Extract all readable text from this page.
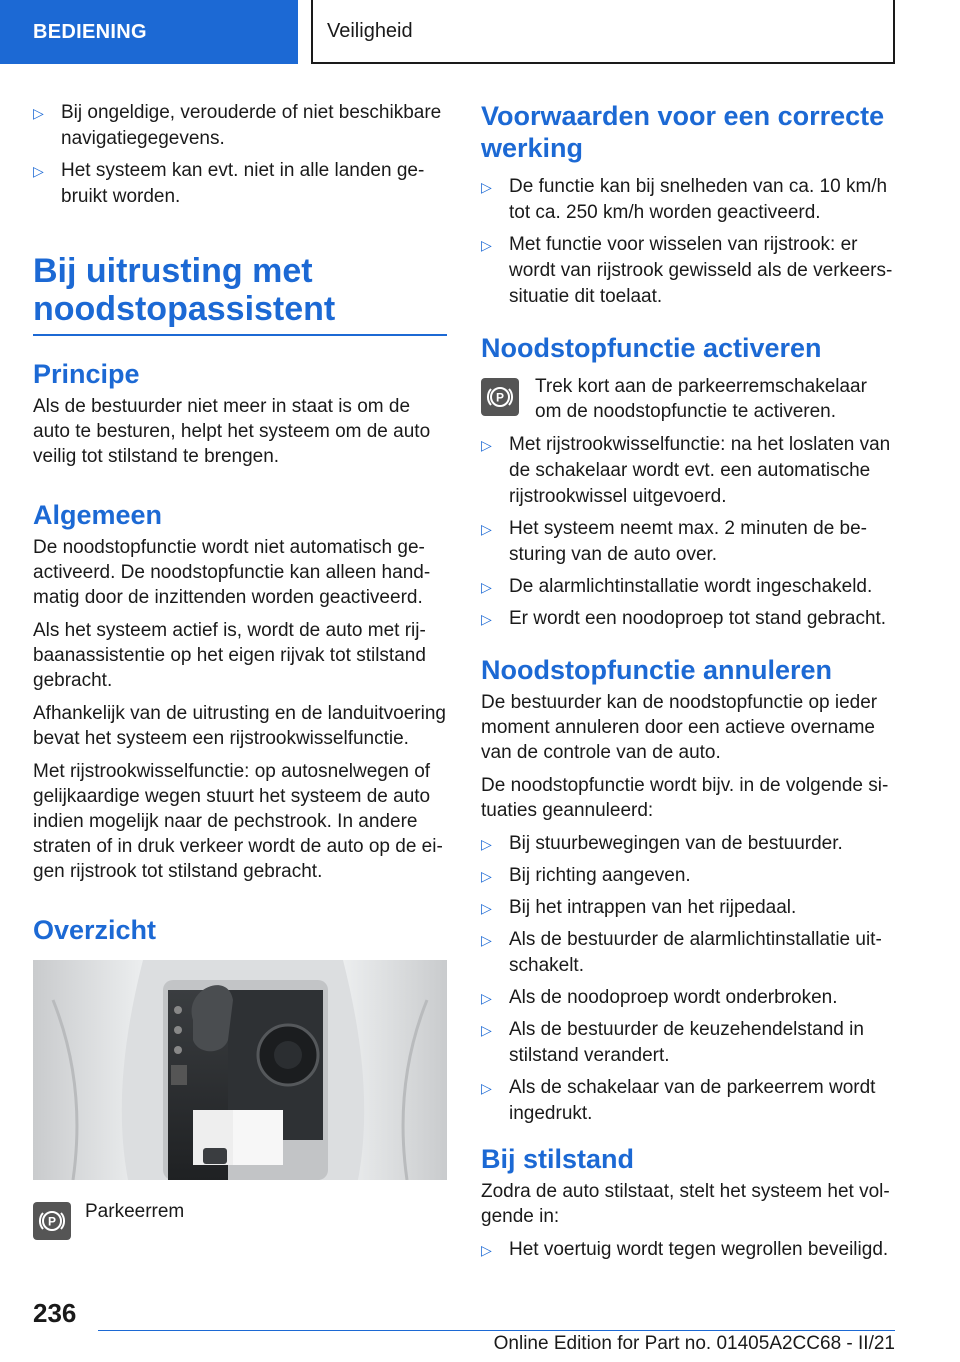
BEDIENING	Veiligheid
▷ Bij ongeldige, verouderde of niet beschikbare navigatiegegevens.
▷ Het systeem kan evt. niet in alle landen ge‐bruikt worden.
Bij uitrusting met noodstopassistent
Principe

Als de bestuurder niet meer in staat is om de auto te besturen, helpt het systeem om de auto veilig tot stilstand te brengen.

Algemeen

De noodstopfunctie wordt niet automatisch ge‐activeerd. De noodstopfunctie kan alleen hand‐matig door de inzittenden worden geactiveerd.

Als het systeem actief is, wordt de auto met rij‐baanassistentie op het eigen rijvak tot stilstand gebracht.

Afhankelijk van de uitrusting en de landuitvoering bevat het systeem een rijstrookwisselfunctie.

Met rijstrookwisselfunctie: op autosnelwegen of gelijkaardige wegen stuurt het systeem de auto indien mogelijk naar de pechstrook. In andere straten of in druk verkeer wordt de auto op de ei‐gen rijstrook tot stilstand gebracht.

Overzicht
P Parkeerrem
Voorwaarden voor een correcte werking
▷ De functie kan bij snelheden van ca. 10 km/h tot ca. 250 km/h worden geactiveerd.
▷ Met functie voor wisselen van rijstrook: er wordt van rijstrook gewisseld als de verkeers‐situatie dit toelaat.
Noodstopfunctie activeren
P
Trek kort aan de parkeerremschakelaar om de noodstopfunctie te activeren.
▷ Met rijstrookwisselfunctie: na het loslaten van de schakelaar wordt evt. een automatische rijstrookwissel uitgevoerd.
▷ Het systeem neemt max. 2 minuten de be‐sturing van de auto over.
▷ De alarmlichtinstallatie wordt ingeschakeld.
▷ Er wordt een noodoproep tot stand gebracht.
Noodstopfunctie annuleren

De bestuurder kan de noodstopfunctie op ieder moment annuleren door een actieve overname van de controle van de auto.

De noodstopfunctie wordt bijv. in de volgende si‐tuaties geannuleerd:

▷ Bij stuurbewegingen van de bestuurder.
▷ Bij richting aangeven.
▷ Bij het intrappen van het rijpedaal.
▷ Als de bestuurder de alarmlichtinstallatie uit‐schakelt.
▷ Als de noodoproep wordt onderbroken.
▷ Als de bestuurder de keuzehendelstand in stilstand verandert.
▷ Als de schakelaar van de parkeerrem wordt ingedrukt.
Bij stilstand

Zodra de auto stilstaat, stelt het systeem het vol‐gende in:

▷ Het voertuig wordt tegen wegrollen beveiligd.
236
Online Edition for Part no. 01405A2CC68 - II/21
